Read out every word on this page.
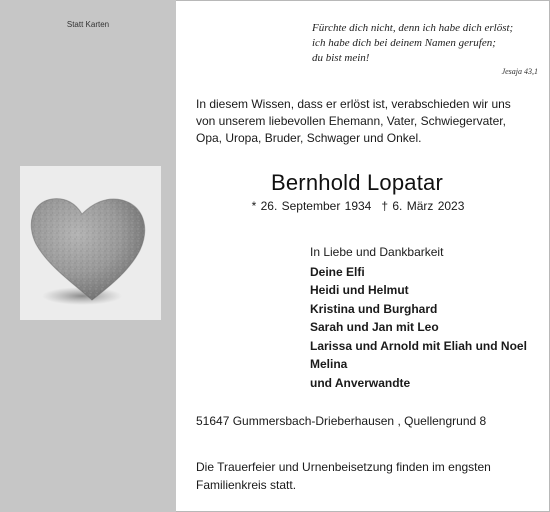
Statt Karten	Fürchte dich nicht, denn ich habe dich erlöst;
ich habe dich bei deinem Namen gerufen;
du bist mein!
Jesaja 43,1
In diesem Wissen, dass er erlöst ist, verabschieden wir uns
von unserem liebevollen Ehemann, Vater, Schwiegervater,
Opa, Uropa, Bruder, Schwager und Onkel.
Bernhold Lopatar
* 26. September 1934 † 6. März 2023
In Liebe und Dankbarkeit
Deine Elfi
Heidi und Helmut
Kristina und Burghard
Sarah und Jan mit Leo
Larissa und Arnold mit Eliah und Noel
Melina
und Anverwandte
51647 Gummersbach-Drieberhausen , Quellengrund 8
Die Trauerfeier und Urnenbeisetzung finden im engsten
Familienkreis statt.
